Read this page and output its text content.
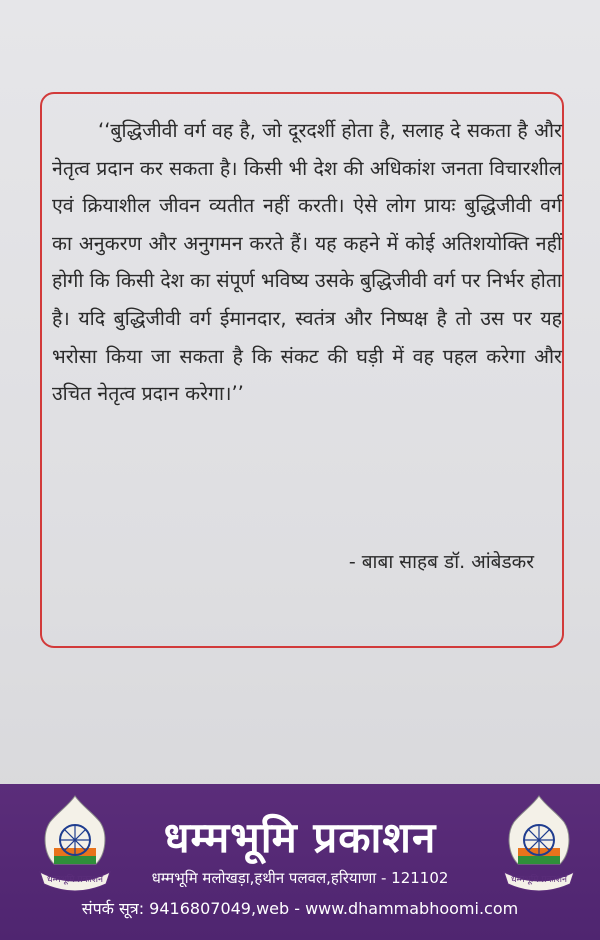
‘‘बुद्धिजीवी वर्ग वह है, जो दूरदर्शी होता है, सलाह दे सकता है और नेतृत्व प्रदान कर सकता है। किसी भी देश की अधिकांश जनता विचारशील एवं क्रियाशील जीवन व्यतीत नहीं करती। ऐसे लोग प्रायः बुद्धिजीवी वर्ग का अनुकरण और अनुगमन करते हैं। यह कहने में कोई अतिशयोक्ति नहीं होगी कि किसी देश का संपूर्ण भविष्य उसके बुद्धिजीवी वर्ग पर निर्भर होता है। यदि बुद्धिजीवी वर्ग ईमानदार, स्वतंत्र और निष्पक्ष है तो उस पर यह भरोसा किया जा सकता है कि संकट की घड़ी में वह पहल करेगा और उचित नेतृत्व प्रदान करेगा।’’

- बाबा साहब डॉ. आंबेडकर
धम्मभूमि प्रकाशन	धम्मभूमि प्रकाशन
धम्मभूमि प्रकाशन
धम्मभूमि मलोखड़ा,हथीन पलवल,हरियाणा - 121102
संपर्क सूत्र: 9416807049,web - www.dhammabhoomi.com
